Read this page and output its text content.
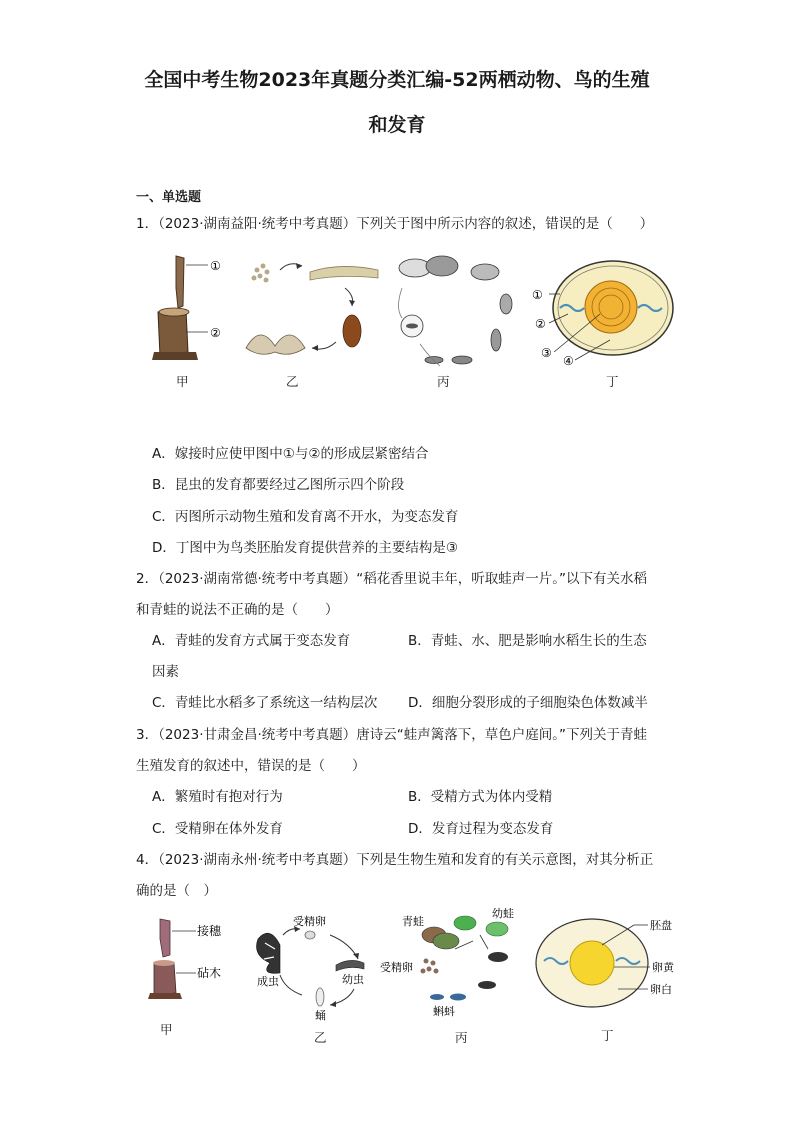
全国中考生物2023年真题分类汇编-52两栖动物、鸟的生殖
和发育
一、单选题
1．（2023·湖南益阳·统考中考真题）下列关于图中所示内容的叙述，错误的是（　　）
①
②
①
②
③
④
甲	乙	丙	丁
A．嫁接时应使甲图中①与②的形成层紧密结合
B．昆虫的发育都要经过乙图所示四个阶段
C．丙图所示动物生殖和发育离不开水，为变态发育
D．丁图中为鸟类胚胎发育提供营养的主要结构是③
2．（2023·湖南常德·统考中考真题）“稻花香里说丰年，听取蛙声一片。”以下有关水稻
和青蛙的说法不正确的是（　　）
A．青蛙的发育方式属于变态发育	B．青蛙、水、肥是影响水稻生长的生态
因素
C．青蛙比水稻多了系统这一结构层次 D．细胞分裂形成的子细胞染色体数减半
3．（2023·甘肃金昌·统考中考真题）唐诗云“蛙声篱落下，草色户庭间。”下列关于青蛙
生殖发育的叙述中，错误的是（　　）
A．繁殖时有抱对行为	B．受精方式为体内受精
C．受精卵在体外发育	D．发育过程为变态发育
4．（2023·湖南永州·统考中考真题）下列是生物生殖和发育的有关示意图，对其分析正
确的是（　）
接穗
砧木
受精卵
幼虫
蛹
成虫
青蛙
幼蛙
受精卵
蝌蚪
胚盘
卵黄
卵白
甲
乙	丙	丁
